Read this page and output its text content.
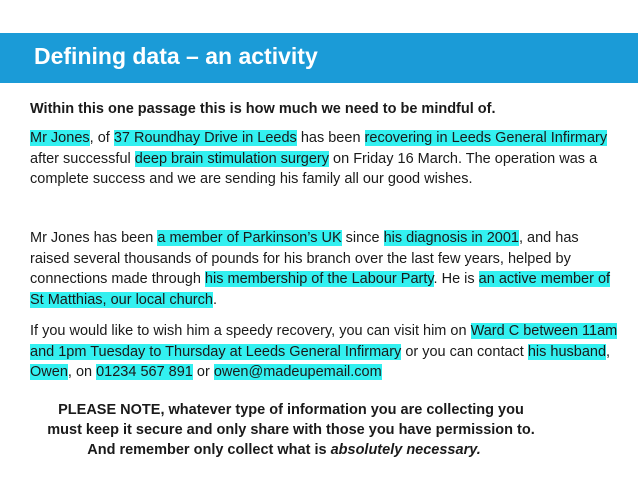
Defining data – an activity
Within this one passage this is how much we need to be mindful of.

Mr Jones, of 37 Roundhay Drive in Leeds has been recovering in Leeds General Infirmary after successful deep brain stimulation surgery on Friday 16 March. The operation was a complete success and we are sending his family all our good wishes.

Mr Jones has been a member of Parkinson’s UK since his diagnosis in 2001, and has raised several thousands of pounds for his branch over the last few years, helped by connections made through his membership of the Labour Party. He is an active member of St Matthias, our local church.

If you would like to wish him a speedy recovery, you can visit him on Ward C between 11am and 1pm Tuesday to Thursday at Leeds General Infirmary or you can contact his husband, Owen, on 01234 567 891 or owen@madeupemail.com

PLEASE NOTE, whatever type of information you are collecting you
must keep it secure and only share with those you have permission to.
And remember only collect what is absolutely necessary.
